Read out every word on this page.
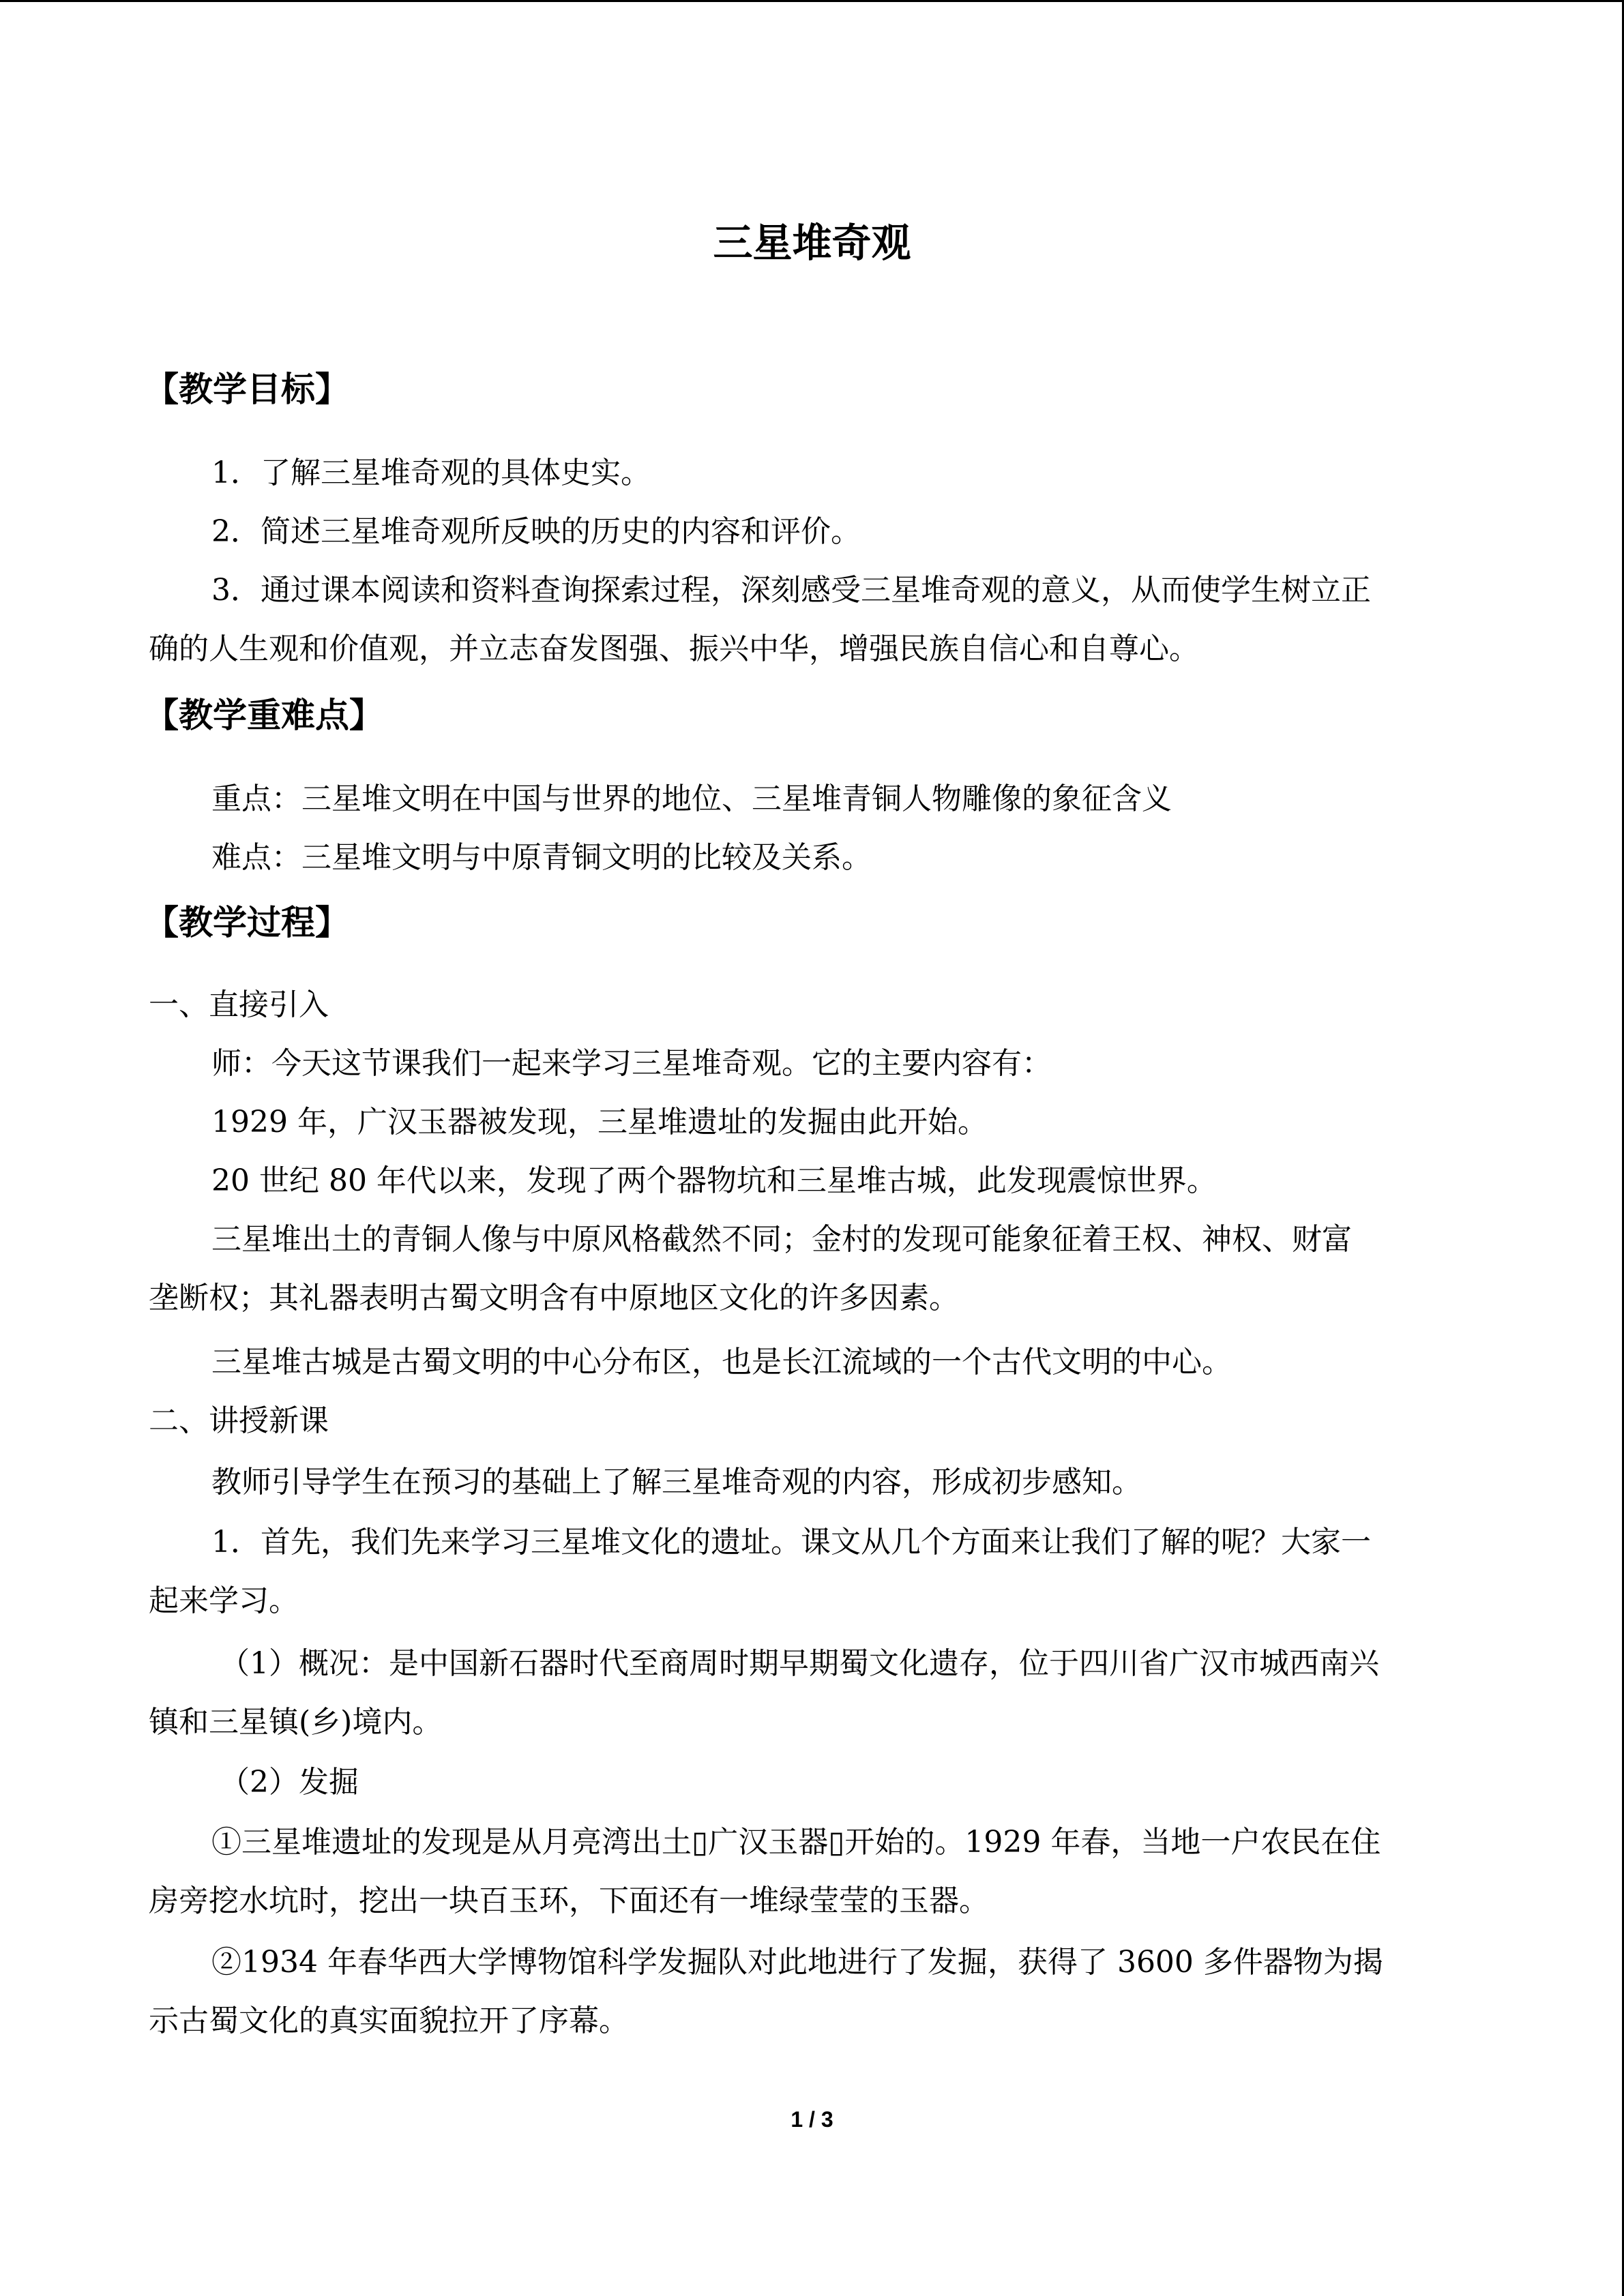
三星堆奇观
【教学目标】

1．了解三星堆奇观的具体史实。

2．简述三星堆奇观所反映的历史的内容和评价。

3．通过课本阅读和资料查询探索过程，深刻感受三星堆奇观的意义，从而使学生树立正

确的人生观和价值观，并立志奋发图强、振兴中华，增强民族自信心和自尊心。

【教学重难点】

重点：三星堆文明在中国与世界的地位、三星堆青铜人物雕像的象征含义

难点：三星堆文明与中原青铜文明的比较及关系。

【教学过程】

一、直接引入

师：今天这节课我们一起来学习三星堆奇观。它的主要内容有：

1929 年，广汉玉器被发现，三星堆遗址的发掘由此开始。

20 世纪 80 年代以来，发现了两个器物坑和三星堆古城，此发现震惊世界。

三星堆出土的青铜人像与中原风格截然不同；金村的发现可能象征着王权、神权、财富

垄断权；其礼器表明古蜀文明含有中原地区文化的许多因素。

三星堆古城是古蜀文明的中心分布区，也是长江流域的一个古代文明的中心。

二、讲授新课

教师引导学生在预习的基础上了解三星堆奇观的内容，形成初步感知。

1．首先，我们先来学习三星堆文化的遗址。课文从几个方面来让我们了解的呢？大家一

起来学习。

（1）概况：是中国新石器时代至商周时期早期蜀文化遗存，位于四川省广汉市城西南兴

镇和三星镇(乡)境内。

（2）发掘

①三星堆遗址的发现是从月亮湾出土▯广汉玉器▯开始的。1929 年春，当地一户农民在住

房旁挖水坑时，挖出一块百玉环，下面还有一堆绿莹莹的玉器。

②1934 年春华西大学博物馆科学发掘队对此地进行了发掘，获得了 3600 多件器物为揭

示古蜀文化的真实面貌拉开了序幕。

1 / 3
